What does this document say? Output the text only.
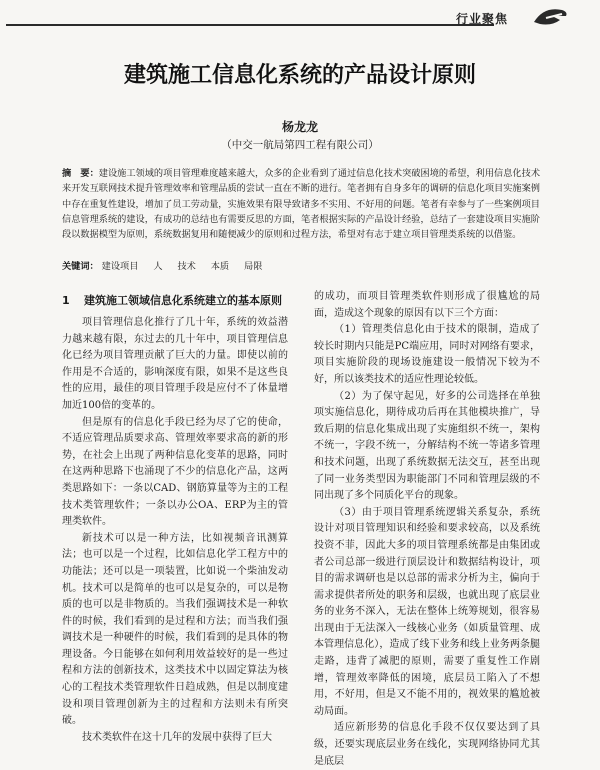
行业聚焦
建筑施工信息化系统的产品设计原则
杨龙龙
（中交一航局第四工程有限公司）
摘　要：建设施工领域的项目管理难度越来越大，众多的企业看到了通过信息化技术突破困境的希望，利用信息化技术来开发互联网技术提升管理效率和管理品质的尝试一直在不断的进行。笔者拥有自身多年的调研的信息化项目实施案例中存在重复性建设，增加了员工劳动量，实施效果有限导致诸多不实用、不好用的问题。笔者有幸参与了一些案例项目信息管理系统的建设，有成功的总结也有需要反思的方面，笔者根据实际的产品设计经验，总结了一套建设项目实施阶段以数据模型为原则，系统数据复用和随便减少的原则和过程方法，希望对有志于建立项目管理类系统的以借鉴。
关键词： 建设项目 人 技术 本质 局限
1	建筑施工领域信息化系统建立的基本原则

项目管理信息化推行了几十年，系统的效益潜力越来越有限，东过去的几十年中，项目管理信息化已经为项目管理贡献了巨大的力量。即使以前的作用是不合适的，影响深度有限，如果不是这些良性的应用，最佳的项目管理手段是应付不了体量增加近100倍的变革的。

但是原有的信息化手段已经为尽了它的使命，不适应管理品质要求高、管理效率要求高的新的形势，在社会上出现了两种信息化变革的思路，同时在这两种思路下也涌现了不少的信息化产品，这两类思路如下：一条以CAD、钢筋算量等为主的工程技术类管理软件；一条以办公OA、ERP为主的管理类软件。

新技术可以是一种方法，比如视频音讯测算法；也可以是一个过程，比如信息化学工程方中的功能法；还可以是一项装置，比如说一个柴油发动机。技术可以是简单的也可以是复杂的，可以是物质的也可以是非物质的。当我们强调技术是一种软件的时候，我们看到的是过程和方法；而当我们强调技术是一种硬件的时候，我们看到的是具体的物理设备。今日能够在如何利用效益较好的是一些过程和方法的创新技术，这类技术中以固定算法为核心的工程技术类管理软件日趋成熟，但是以制度建设和项目管理创新为主的过程和方法则未有所突破。

技术类软件在这十几年的发展中获得了巨大

的成功，而项目管理类软件则形成了很尴尬的局面，造成这个现象的原因有以下三个方面：

（1）管理类信息化由于技术的限制，造成了较长时期内只能是PC端应用，同时对网络有要求，项目实施阶段的现场设施建设一般情况下较为不好，所以该类技术的适应性理论较低。

（2）为了保守起见，好多的公司选择在单独项实施信息化，期待成功后再在其他模块推广，导致后期的信息化集成出现了实施组织不统一，架构不统一，字段不统一，分解结构不统一等诸多管理和技术问题，出现了系统数据无法交互，甚至出现了同一业务类型因为职能部门不同和管理层级的不同出现了多个同质化平台的现象。

（3）由于项目管理系统逻辑关系复杂，系统设计对项目管理知识和经验和要求较高，以及系统投资不菲，因此大多的项目管理系统都是由集团或者公司总部一级进行顶层设计和数据结构设计，项目的需求调研也是以总部的需求分析为主，偏向于需求提供者所处的职务和层级，也就出现了底层业务的业务不深入，无法在整体上统筹规划，很容易出现由于无法深入一线核心业务（如质量管理、成本管理信息化），造成了线下业务和线上业务两条腿走路，违背了减肥的原则，需要了重复性工作剧增，管理效率降低的困境，底层员工陷入了不想用，不好用，但是又不能不用的，视效果的尴尬被动局面。

适应新形势的信息化手段不仅仅要达到了具级，还要实现底层业务在线化，实现网络协同尤其是底层
